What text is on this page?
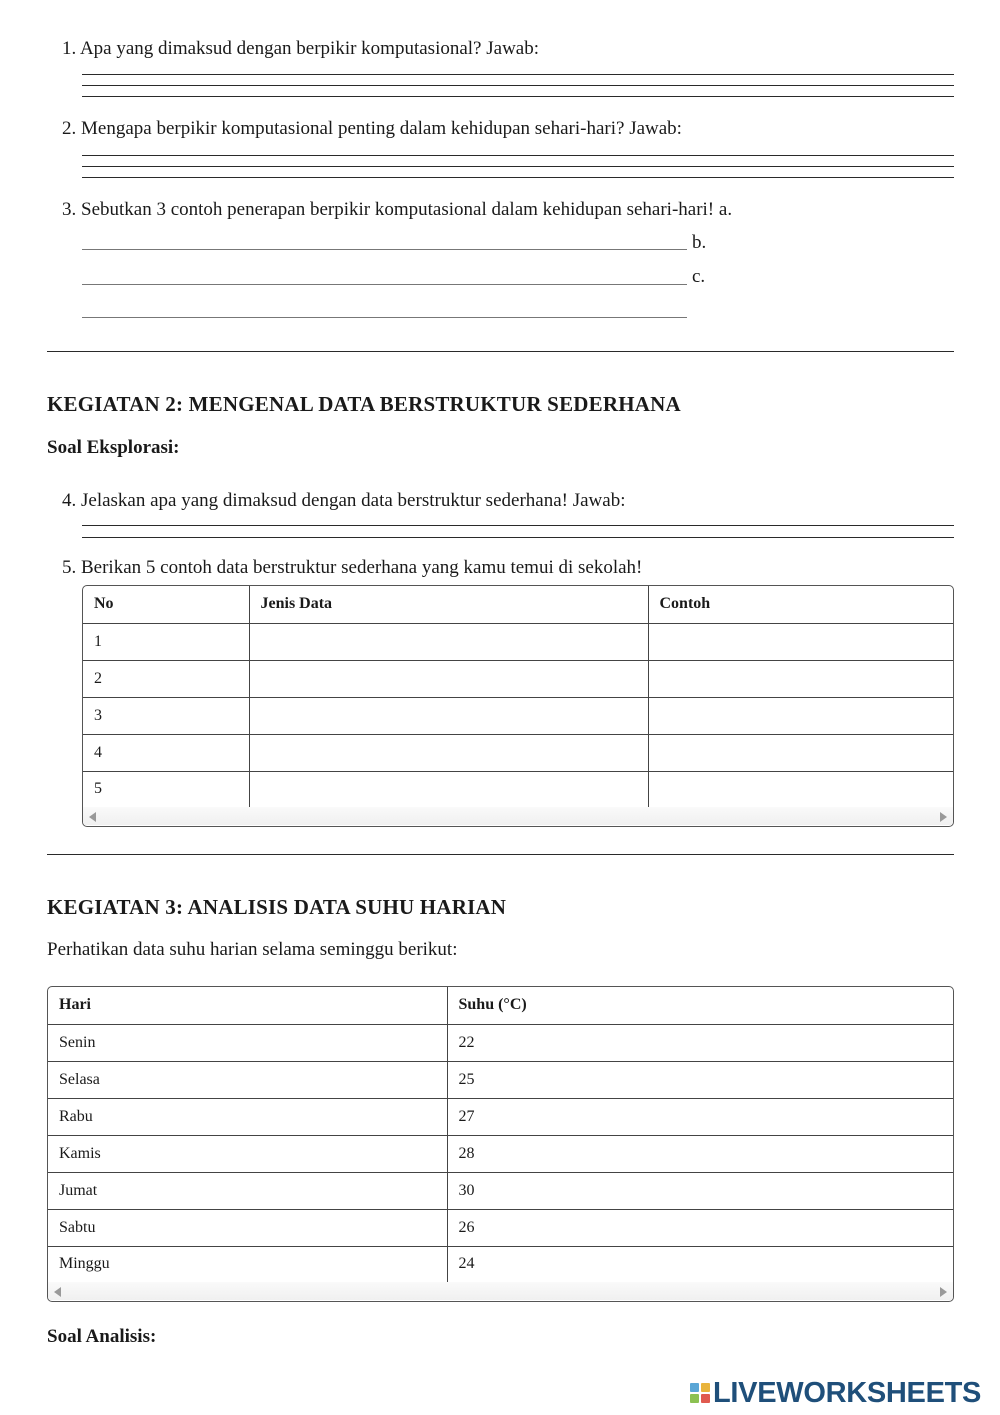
1. Apa yang dimaksud dengan berpikir komputasional? Jawab:
2. Mengapa berpikir komputasional penting dalam kehidupan sehari-hari? Jawab:
3. Sebutkan 3 contoh penerapan berpikir komputasional dalam kehidupan sehari-hari! a.
b.
c.
KEGIATAN 2: MENGENAL DATA BERSTRUKTUR SEDERHANA
Soal Eksplorasi:
4. Jelaskan apa yang dimaksud dengan data berstruktur sederhana! Jawab:
5. Berikan 5 contoh data berstruktur sederhana yang kamu temui di sekolah!
No	Jenis Data	Contoh
1		
2		
3		
4		
5		
KEGIATAN 3: ANALISIS DATA SUHU HARIAN
Perhatikan data suhu harian selama seminggu berikut:
Hari	Suhu (°C)
Senin	22
Selasa	25
Rabu	27
Kamis	28
Jumat	30
Sabtu	26
Minggu	24
Soal Analisis:
LIVEWORKSHEETS
